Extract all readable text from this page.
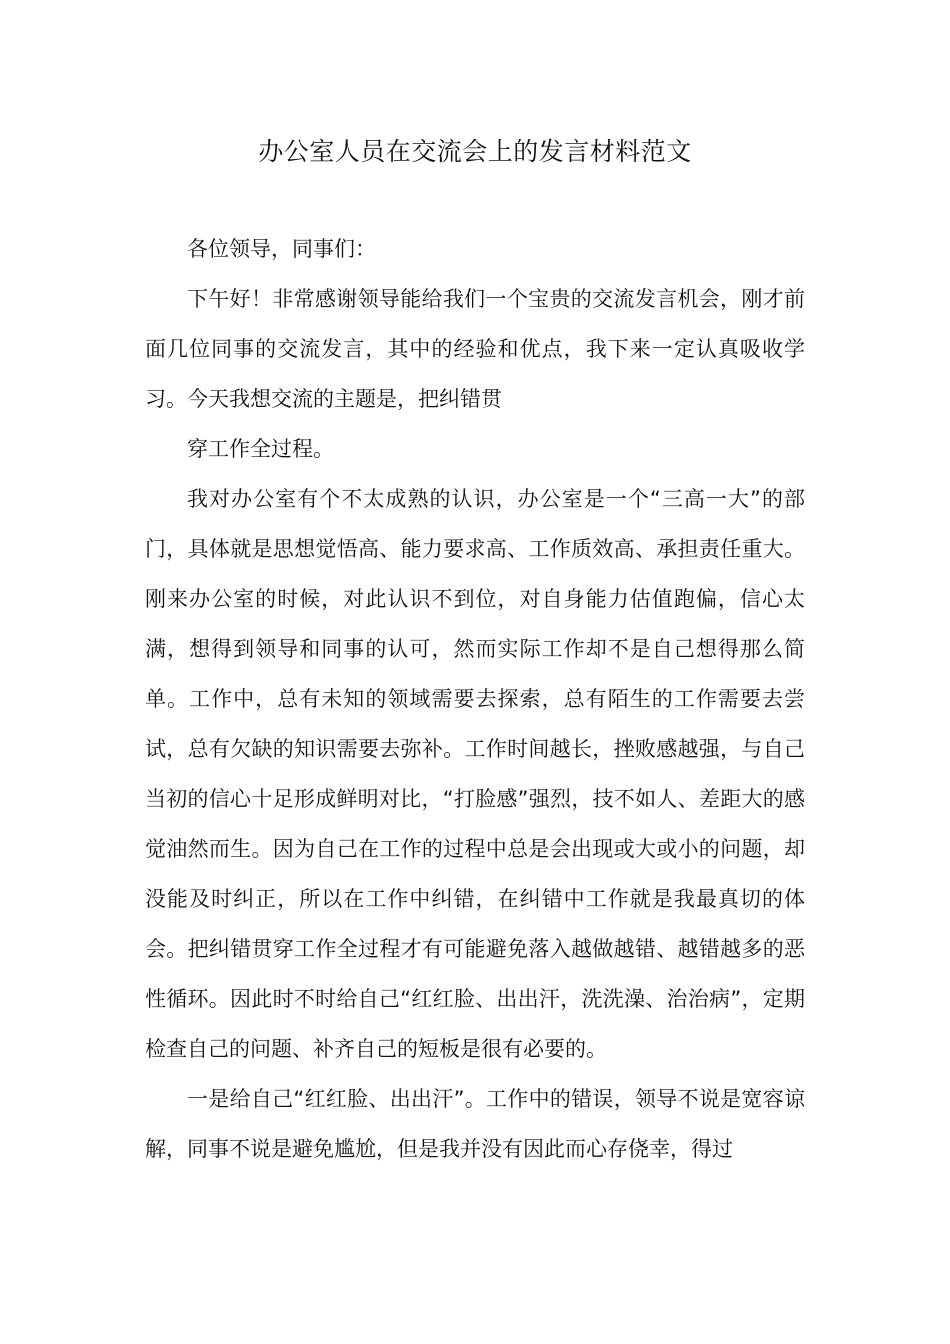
办公室人员在交流会上的发言材料范文

各位领导，同事们：

下午好！非常感谢领导能给我们一个宝贵的交流发言机会，刚才前面几位同事的交流发言，其中的经验和优点，我下来一定认真吸收学习。今天我想交流的主题是，把纠错贯

穿工作全过程。

我对办公室有个不太成熟的认识，办公室是一个“三高一大”的部门，具体就是思想觉悟高、能力要求高、工作质效高、承担责任重大。刚来办公室的时候，对此认识不到位，对自身能力估值跑偏，信心太满，想得到领导和同事的认可，然而实际工作却不是自己想得那么简单。工作中，总有未知的领域需要去探索，总有陌生的工作需要去尝试，总有欠缺的知识需要去弥补。工作时间越长，挫败感越强，与自己当初的信心十足形成鲜明对比，“打脸感”强烈，技不如人、差距大的感觉油然而生。因为自己在工作的过程中总是会出现或大或小的问题，却没能及时纠正，所以在工作中纠错，在纠错中工作就是我最真切的体会。把纠错贯穿工作全过程才有可能避免落入越做越错、越错越多的恶性循环。因此时不时给自己“红红脸、出出汗，洗洗澡、治治病”，定期检查自己的问题、补齐自己的短板是很有必要的。

一是给自己“红红脸、出出汗”。工作中的错误，领导不说是宽容谅解，同事不说是避免尴尬，但是我并没有因此而心存侥幸，得过
